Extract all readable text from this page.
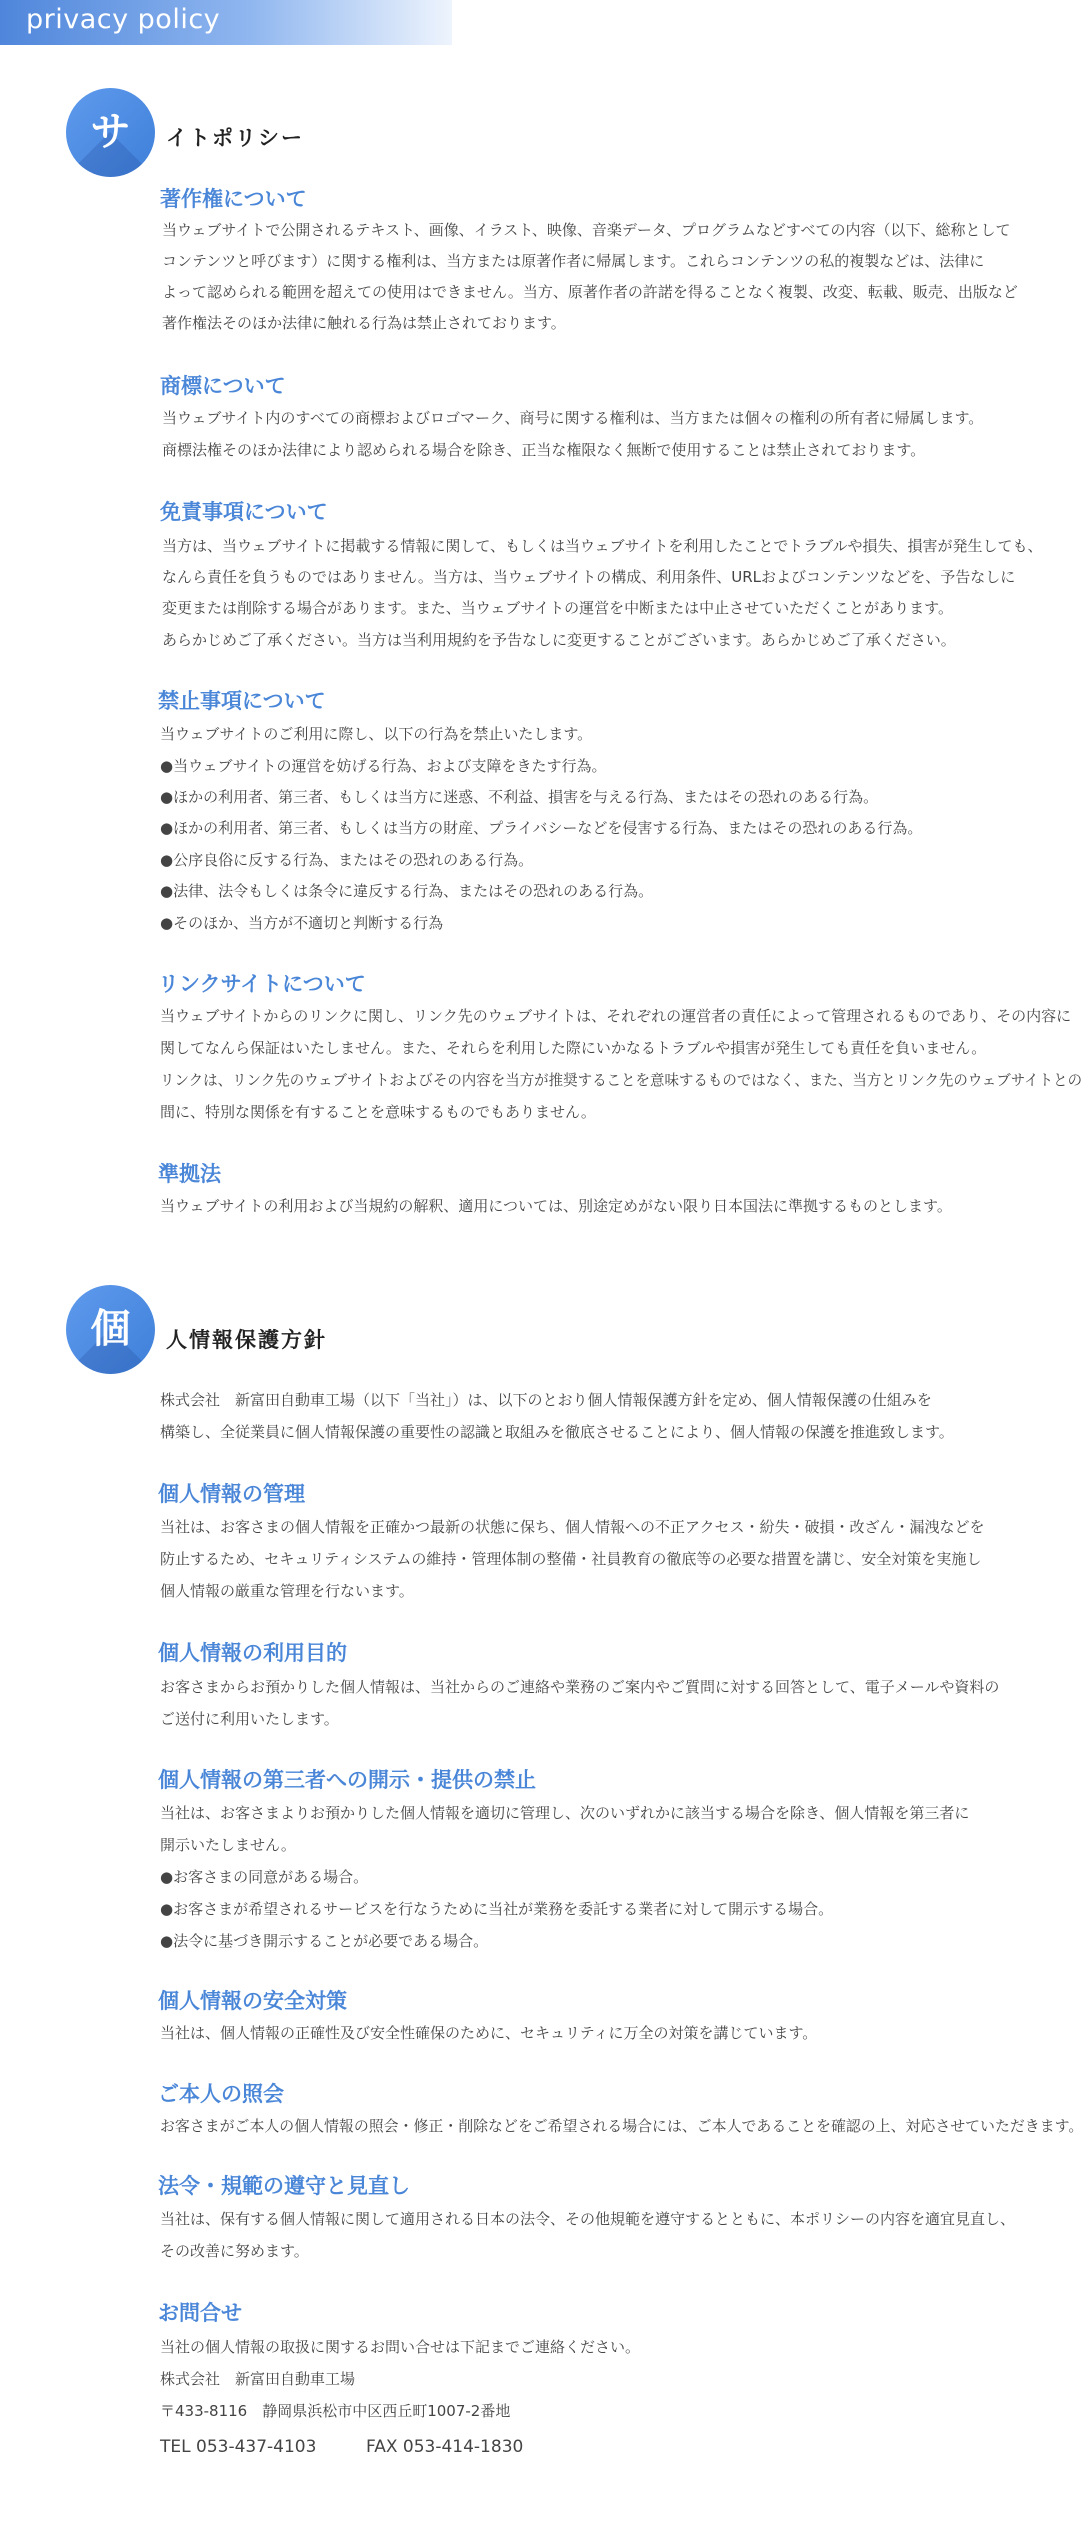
privacy policy
サ	イトポリシー
著作権について
当ウェブサイトで公開されるテキスト、画像、イラスト、映像、音楽データ、プログラムなどすべての内容（以下、総称として
コンテンツと呼びます）に関する権利は、当方または原著作者に帰属します。これらコンテンツの私的複製などは、法律に
よって認められる範囲を超えての使用はできません。当方、原著作者の許諾を得ることなく複製、改変、転載、販売、出版など
著作権法そのほか法律に触れる行為は禁止されております。
商標について
当ウェブサイト内のすべての商標およびロゴマーク、商号に関する権利は、当方または個々の権利の所有者に帰属します。
商標法権そのほか法律により認められる場合を除き、正当な権限なく無断で使用することは禁止されております。
免責事項について
当方は、当ウェブサイトに掲載する情報に関して、もしくは当ウェブサイトを利用したことでトラブルや損失、損害が発生しても、
なんら責任を負うものではありません。当方は、当ウェブサイトの構成、利用条件、URLおよびコンテンツなどを、予告なしに
変更または削除する場合があります。また、当ウェブサイトの運営を中断または中止させていただくことがあります。
あらかじめご了承ください。当方は当利用規約を予告なしに変更することがございます。あらかじめご了承ください。
禁止事項について
当ウェブサイトのご利用に際し、以下の行為を禁止いたします。
●当ウェブサイトの運営を妨げる行為、および支障をきたす行為。
●ほかの利用者、第三者、もしくは当方に迷惑、不利益、損害を与える行為、またはその恐れのある行為。
●ほかの利用者、第三者、もしくは当方の財産、プライバシーなどを侵害する行為、またはその恐れのある行為。
●公序良俗に反する行為、またはその恐れのある行為。
●法律、法令もしくは条令に違反する行為、またはその恐れのある行為。
●そのほか、当方が不適切と判断する行為
リンクサイトについて
当ウェブサイトからのリンクに関し、リンク先のウェブサイトは、それぞれの運営者の責任によって管理されるものであり、その内容に
関してなんら保証はいたしません。また、それらを利用した際にいかなるトラブルや損害が発生しても責任を負いません。
リンクは、リンク先のウェブサイトおよびその内容を当方が推奨することを意味するものではなく、また、当方とリンク先のウェブサイトとの
間に、特別な関係を有することを意味するものでもありません。
準拠法
当ウェブサイトの利用および当規約の解釈、適用については、別途定めがない限り日本国法に準拠するものとします。
個	人情報保護方針
株式会社　新富田自動車工場（以下「当社」）は、以下のとおり個人情報保護方針を定め、個人情報保護の仕組みを
構築し、全従業員に個人情報保護の重要性の認識と取組みを徹底させることにより、個人情報の保護を推進致します。
個人情報の管理
当社は、お客さまの個人情報を正確かつ最新の状態に保ち、個人情報への不正アクセス・紛失・破損・改ざん・漏洩などを
防止するため、セキュリティシステムの維持・管理体制の整備・社員教育の徹底等の必要な措置を講じ、安全対策を実施し
個人情報の厳重な管理を行ないます。
個人情報の利用目的
お客さまからお預かりした個人情報は、当社からのご連絡や業務のご案内やご質問に対する回答として、電子メールや資料の
ご送付に利用いたします。
個人情報の第三者への開示・提供の禁止
当社は、お客さまよりお預かりした個人情報を適切に管理し、次のいずれかに該当する場合を除き、個人情報を第三者に
開示いたしません。
●お客さまの同意がある場合。
●お客さまが希望されるサービスを行なうために当社が業務を委託する業者に対して開示する場合。
●法令に基づき開示することが必要である場合。
個人情報の安全対策
当社は、個人情報の正確性及び安全性確保のために、セキュリティに万全の対策を講じています。
ご本人の照会
お客さまがご本人の個人情報の照会・修正・削除などをご希望される場合には、ご本人であることを確認の上、対応させていただきます。
法令・規範の遵守と見直し
当社は、保有する個人情報に関して適用される日本の法令、その他規範を遵守するとともに、本ポリシーの内容を適宜見直し、
その改善に努めます。
お問合せ
当社の個人情報の取扱に関するお問い合せは下記までご連絡ください。
株式会社　新富田自動車工場
〒433-8116　静岡県浜松市中区西丘町1007-2番地
TEL 053-437-4103	FAX 053-414-1830
